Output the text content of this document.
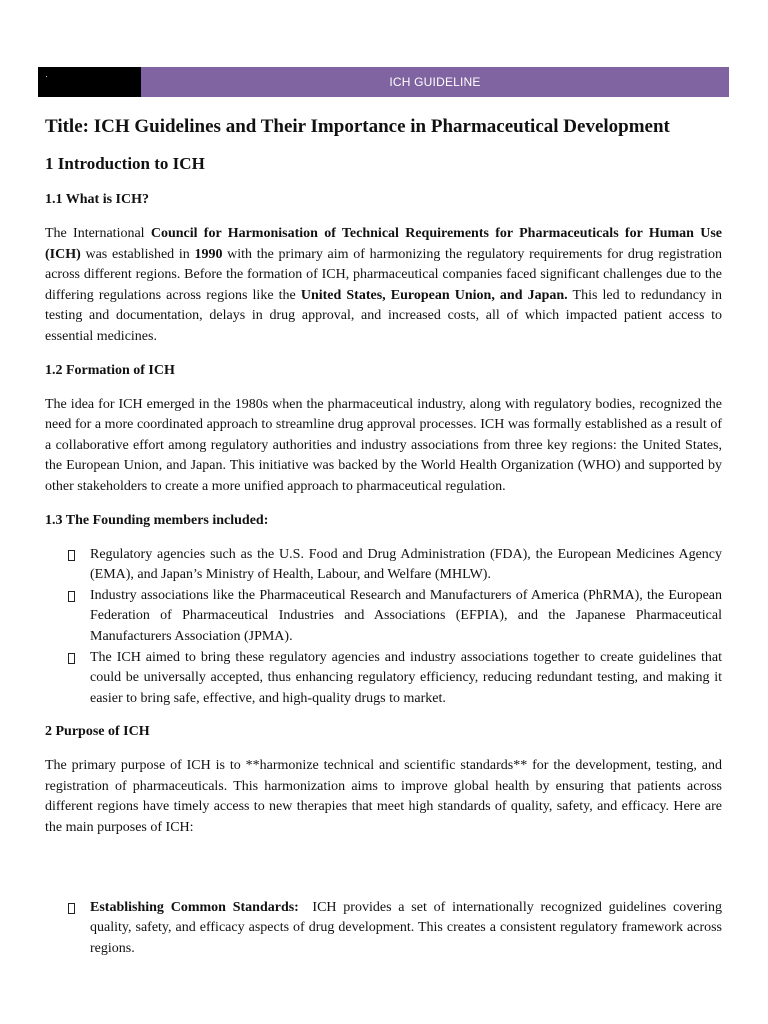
·	ICH GUIDELINE
Title: ICH Guidelines and Their Importance in Pharmaceutical Development
1 Introduction to ICH
1.1 What is ICH?

The International Council for Harmonisation of Technical Requirements for Pharmaceuticals for Human Use (ICH) was established in 1990 with the primary aim of harmonizing the regulatory requirements for drug registration across different regions. Before the formation of ICH, pharmaceutical companies faced significant challenges due to the differing regulations across regions like the United States, European Union, and Japan. This led to redundancy in testing and documentation, delays in drug approval, and increased costs, all of which impacted patient access to essential medicines.

1.2 Formation of ICH

The idea for ICH emerged in the 1980s when the pharmaceutical industry, along with regulatory bodies, recognized the need for a more coordinated approach to streamline drug approval processes. ICH was formally established as a result of a collaborative effort among regulatory authorities and industry associations from three key regions: the United States, the European Union, and Japan. This initiative was backed by the World Health Organization (WHO) and supported by other stakeholders to create a more unified approach to pharmaceutical regulation.

1.3 The Founding members included:
Regulatory agencies such as the U.S. Food and Drug Administration (FDA), the European Medicines Agency (EMA), and Japan’s Ministry of Health, Labour, and Welfare (MHLW).
Industry associations like the Pharmaceutical Research and Manufacturers of America (PhRMA), the European Federation of Pharmaceutical Industries and Associations (EFPIA), and the Japanese Pharmaceutical Manufacturers Association (JPMA).
The ICH aimed to bring these regulatory agencies and industry associations together to create guidelines that could be universally accepted, thus enhancing regulatory efficiency, reducing redundant testing, and making it easier to bring safe, effective, and high-quality drugs to market.
2 Purpose of ICH

The primary purpose of ICH is to **harmonize technical and scientific standards** for the development, testing, and registration of pharmaceuticals. This harmonization aims to improve global health by ensuring that patients across different regions have timely access to new therapies that meet high standards of quality, safety, and efficacy. Here are the main purposes of ICH:

Establishing Common Standards:  ICH provides a set of internationally recognized guidelines covering quality, safety, and efficacy aspects of drug development. This creates a consistent regulatory framework across regions.
